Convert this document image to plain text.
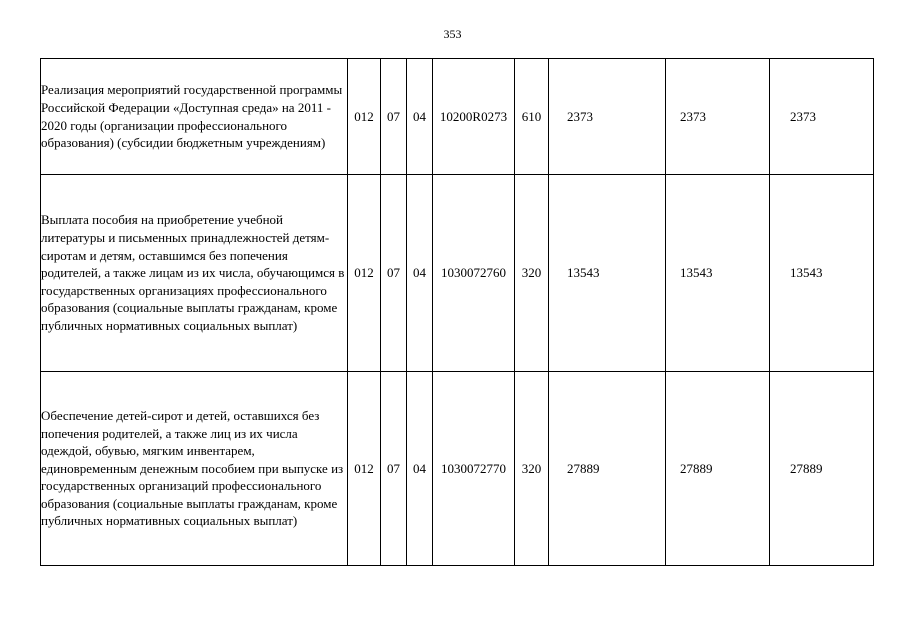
353
Реализация мероприятий государственной программы Российской Федерации «Доступная среда» на 2011 - 2020 годы (организации профессионального образования) (субсидии бюджетным учреждениям)	012	07	04	10200R0273	610	2373	2373	2373
Выплата пособия на приобретение учебной литературы и письменных принадлежностей детям-сиротам и детям, оставшимся без попечения родителей, а также лицам из их числа, обучающимся в государственных организациях профессионального образования (социальные выплаты гражданам, кроме публичных нормативных социальных выплат)	012	07	04	1030072760	320	13543	13543	13543
Обеспечение детей-сирот и детей, оставшихся без попечения родителей, а также лиц из их числа одеждой, обувью, мягким инвентарем, единовременным денежным пособием при выпуске из государственных организаций профессионального образования (социальные выплаты гражданам, кроме публичных нормативных социальных выплат)	012	07	04	1030072770	320	27889	27889	27889
